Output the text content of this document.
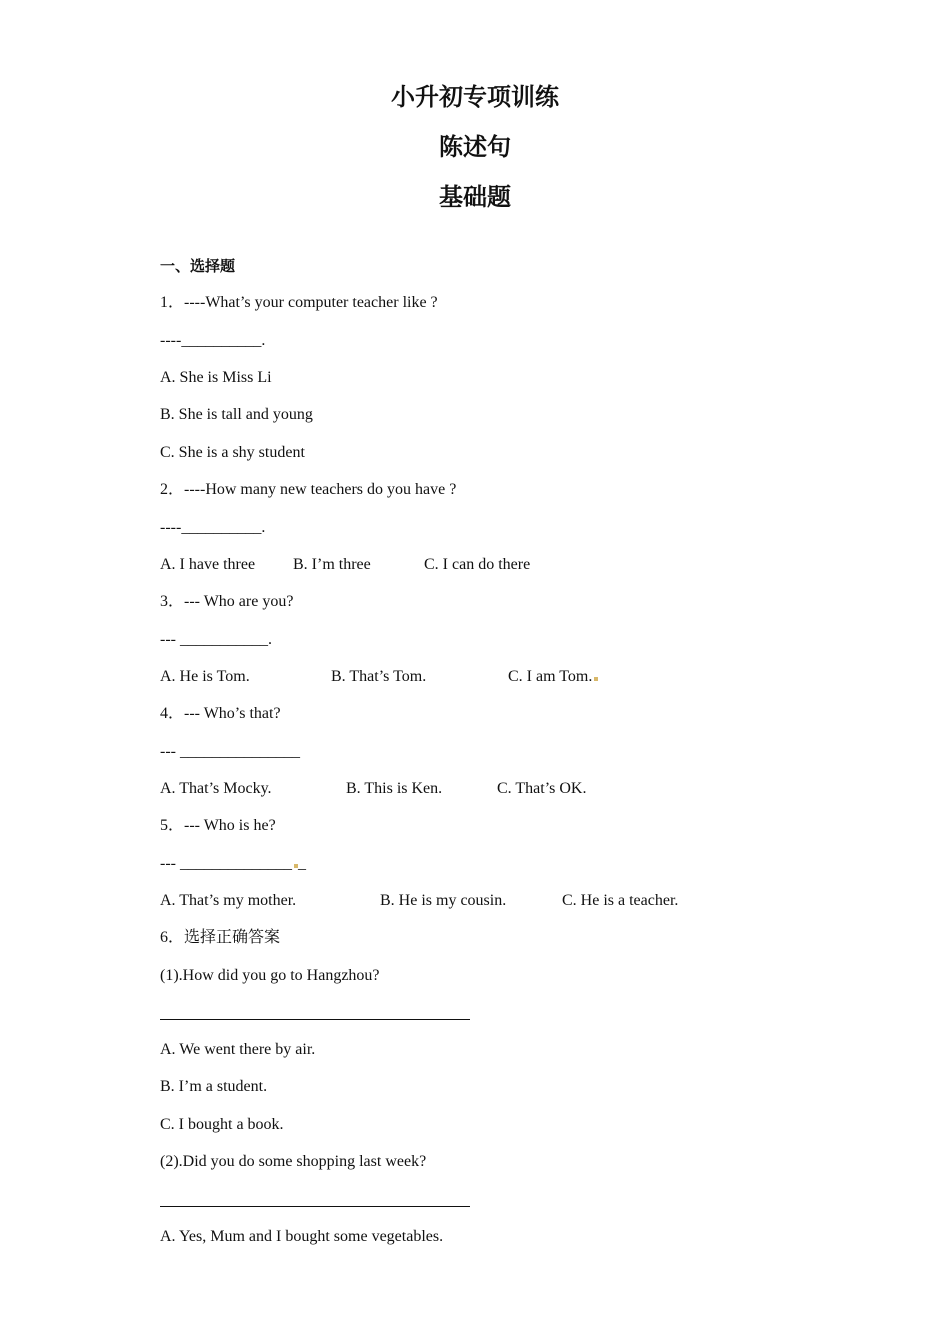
小升初专项训练
陈述句
基础题
一、选择题
1．----What’s your computer teacher like ?
----__________.
A. She is Miss Li
B. She is tall and young
C. She is a shy student
2．----How many new teachers do you have ?
----__________.

A. I have three

B. I’m three

	C. I can do there

3．--- Who are you?
--- ___________.

A. He is Tom.

	B. That’s Tom.

	C. I am Tom.

4．--- Who’s that?
--- _______________

A. That’s Mocky.

	B. This is Ken.

	C. That’s OK.

5．--- Who is he?
--- ______________ _

A. That’s my mother.

	B. He is my cousin.

	C. He is a teacher.

6．选择正确答案
(1).How did you go to Hangzhou?
A. We went there by air.
B. I’m a student.
C. I bought a book.
(2).Did you do some shopping last week?
A. Yes, Mum and I bought some vegetables.
